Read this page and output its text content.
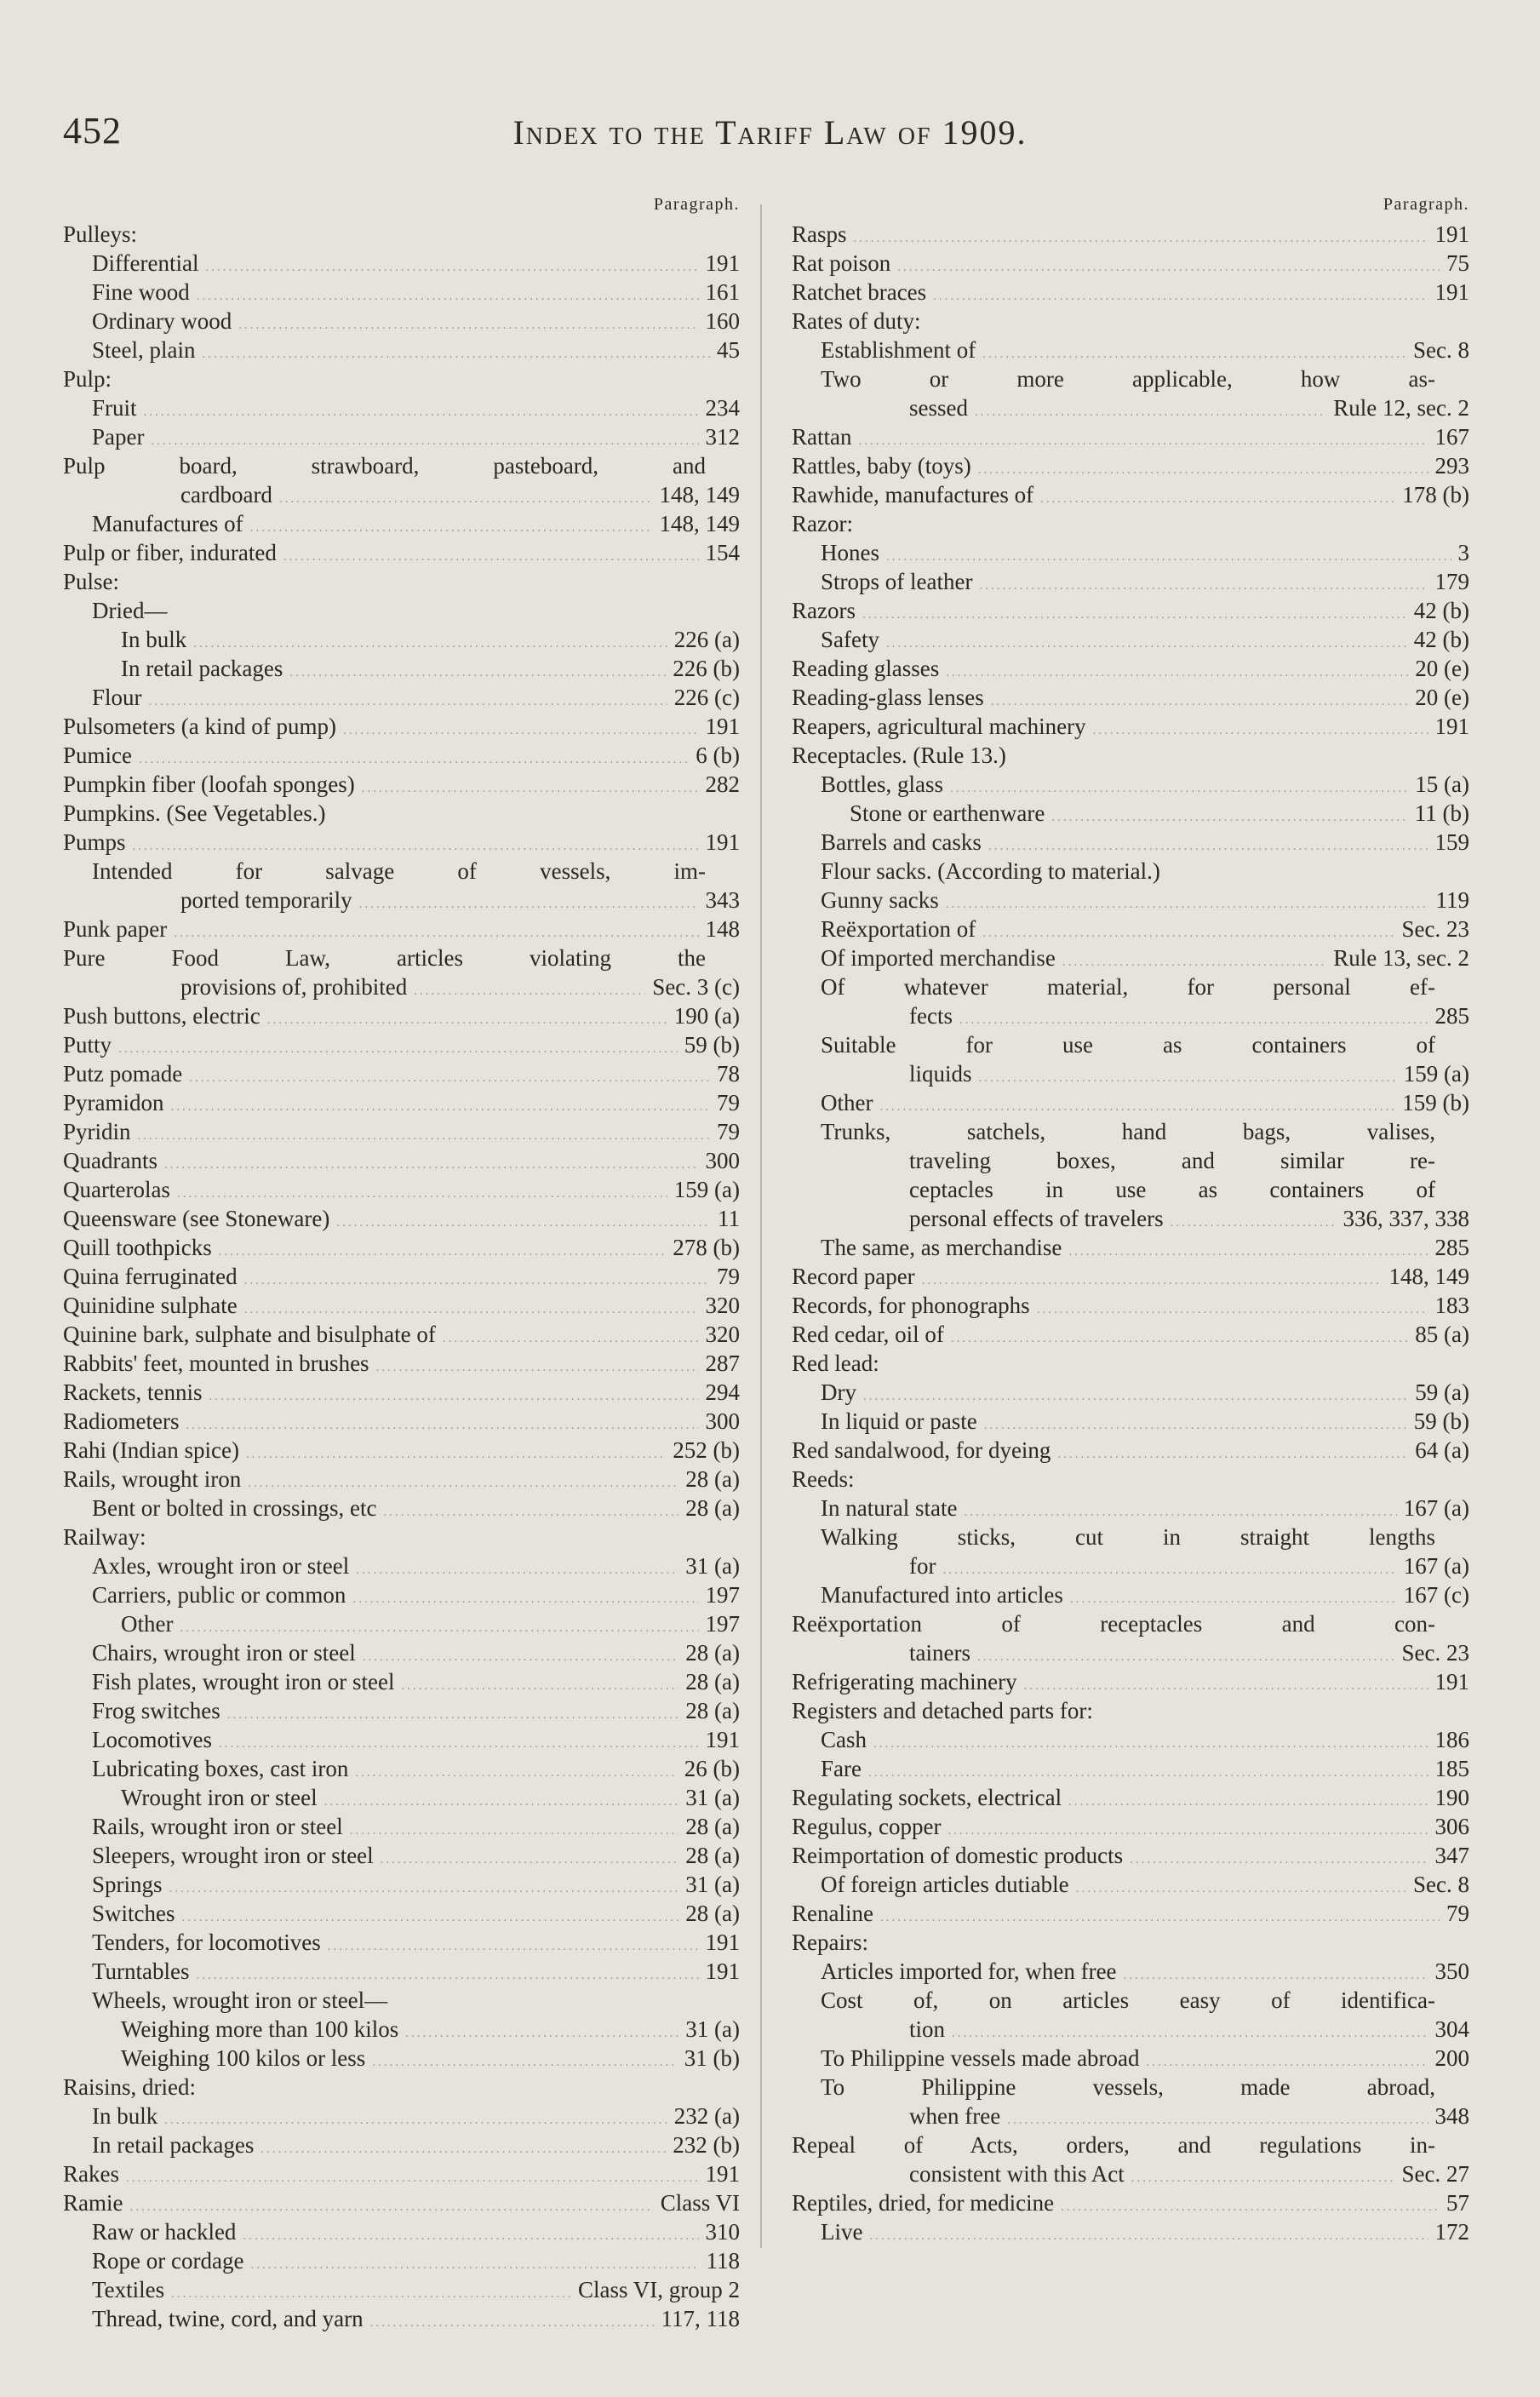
452	Index to the Tariff Law of 1909.
Paragraph.
Pulleys:
Differential .....	191
Fine wood .....	161
Ordinary wood .....	160
Steel, plain .....	45
Pulp:
Fruit .....	234
Paper .....	312
Pulp board, strawboard, pasteboard, and
cardboard .....	148, 149
Manufactures of .....	148, 149
Pulp or fiber, indurated .....	154
Pulse:
Dried—
In bulk .....	226 (a)
In retail packages .....	226 (b)
Flour .....	226 (c)
Pulsometers (a kind of pump) .....	191
Pumice .....	6 (b)
Pumpkin fiber (loofah sponges) .....	282
Pumpkins. (See Vegetables.)
Pumps .....	191
Intended for salvage of vessels, im-
ported temporarily .....	343
Punk paper .....	148
Pure Food Law, articles violating the
provisions of, prohibited .....	Sec. 3 (c)
Push buttons, electric .....	190 (a)
Putty .....	59 (b)
Putz pomade .....	78
Pyramidon .....	79
Pyridin .....	79
Quadrants .....	300
Quarterolas .....	159 (a)
Queensware (see Stoneware) .....	11
Quill toothpicks .....	278 (b)
Quina ferruginated .....	79
Quinidine sulphate .....	320
Quinine bark, sulphate and bisulphate of .....	320
Rabbits' feet, mounted in brushes .....	287
Rackets, tennis .....	294
Radiometers .....	300
Rahi (Indian spice) .....	252 (b)
Rails, wrought iron .....	28 (a)
Bent or bolted in crossings, etc .....	28 (a)
Railway:
Axles, wrought iron or steel .....	31 (a)
Carriers, public or common .....	197
Other .....	197
Chairs, wrought iron or steel .....	28 (a)
Fish plates, wrought iron or steel .....	28 (a)
Frog switches .....	28 (a)
Locomotives .....	191
Lubricating boxes, cast iron .....	26 (b)
Wrought iron or steel .....	31 (a)
Rails, wrought iron or steel .....	28 (a)
Sleepers, wrought iron or steel .....	28 (a)
Springs .....	31 (a)
Switches .....	28 (a)
Tenders, for locomotives .....	191
Turntables .....	191
Wheels, wrought iron or steel—
Weighing more than 100 kilos .....	31 (a)
Weighing 100 kilos or less .....	31 (b)
Raisins, dried:
In bulk .....	232 (a)
In retail packages .....	232 (b)
Rakes .....	191
Ramie .....	Class VI
Raw or hackled .....	310
Rope or cordage .....	118
Textiles .....	Class VI, group 2
Thread, twine, cord, and yarn .....	117, 118
Paragraph.
Rasps .....	191
Rat poison .....	75
Ratchet braces .....	191
Rates of duty:
Establishment of .....	Sec. 8
Two or more applicable, how as-
sessed .....	Rule 12, sec. 2
Rattan .....	167
Rattles, baby (toys) .....	293
Rawhide, manufactures of .....	178 (b)
Razor:
Hones .....	3
Strops of leather .....	179
Razors .....	42 (b)
Safety .....	42 (b)
Reading glasses .....	20 (e)
Reading-glass lenses .....	20 (e)
Reapers, agricultural machinery .....	191
Receptacles. (Rule 13.)
Bottles, glass .....	15 (a)
Stone or earthenware .....	11 (b)
Barrels and casks .....	159
Flour sacks. (According to material.)
Gunny sacks .....	119
Reëxportation of .....	Sec. 23
Of imported merchandise .....	Rule 13, sec. 2
Of whatever material, for personal ef-
fects .....	285
Suitable for use as containers of
liquids .....	159 (a)
Other .....	159 (b)
Trunks, satchels, hand bags, valises,
traveling boxes, and similar re-
ceptacles in use as containers of
personal effects of travelers .....	336, 337, 338
The same, as merchandise .....	285
Record paper .....	148, 149
Records, for phonographs .....	183
Red cedar, oil of .....	85 (a)
Red lead:
Dry .....	59 (a)
In liquid or paste .....	59 (b)
Red sandalwood, for dyeing .....	64 (a)
Reeds:
In natural state .....	167 (a)
Walking sticks, cut in straight lengths
for .....	167 (a)
Manufactured into articles .....	167 (c)
Reëxportation of receptacles and con-
tainers .....	Sec. 23
Refrigerating machinery .....	191
Registers and detached parts for:
Cash .....	186
Fare .....	185
Regulating sockets, electrical .....	190
Regulus, copper .....	306
Reimportation of domestic products .....	347
Of foreign articles dutiable .....	Sec. 8
Renaline .....	79
Repairs:
Articles imported for, when free .....	350
Cost of, on articles easy of identifica-
tion .....	304
To Philippine vessels made abroad .....	200
To Philippine vessels, made abroad,
when free .....	348
Repeal of Acts, orders, and regulations in-
consistent with this Act .....	Sec. 27
Reptiles, dried, for medicine .....	57
Live .....	172
